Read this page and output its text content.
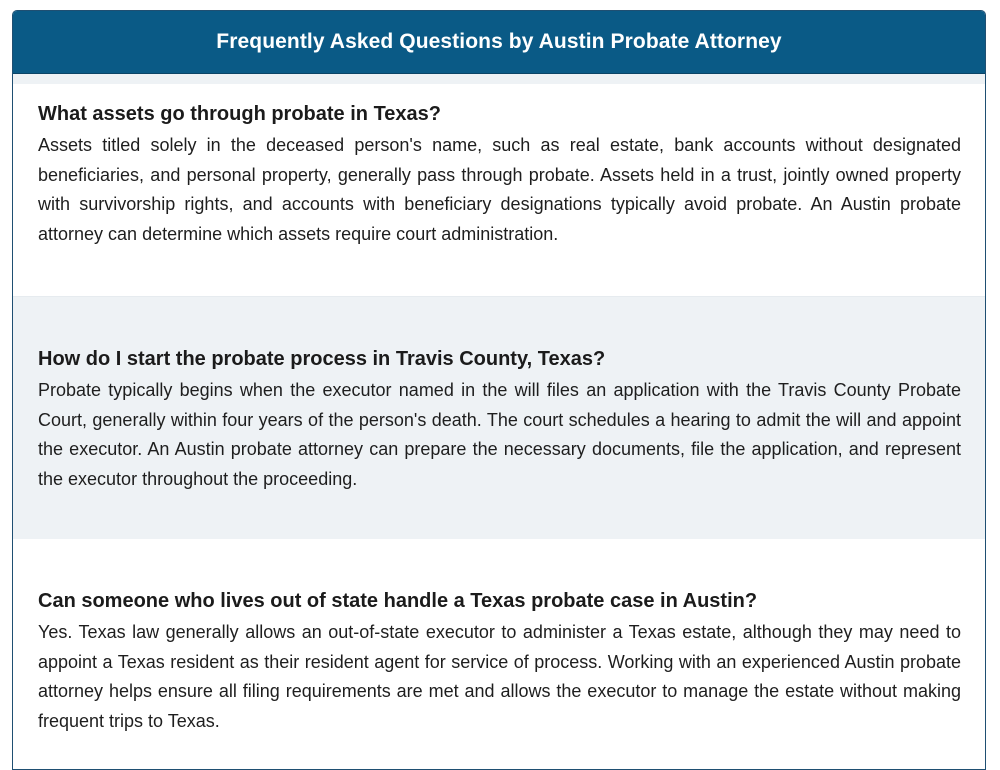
Frequently Asked Questions by Austin Probate Attorney
What assets go through probate in Texas?

Assets titled solely in the deceased person's name, such as real estate, bank accounts without designated beneficiaries, and personal property, generally pass through probate. Assets held in a trust, jointly owned property with survivorship rights, and accounts with beneficiary designations typically avoid probate. An Austin probate attorney can determine which assets require court administration.

How do I start the probate process in Travis County, Texas?

Probate typically begins when the executor named in the will files an application with the Travis County Probate Court, generally within four years of the person's death. The court schedules a hearing to admit the will and appoint the executor. An Austin probate attorney can prepare the necessary documents, file the application, and represent the executor throughout the proceeding.

Can someone who lives out of state handle a Texas probate case in Austin?

Yes. Texas law generally allows an out-of-state executor to administer a Texas estate, although they may need to appoint a Texas resident as their resident agent for service of process. Working with an experienced Austin probate attorney helps ensure all filing requirements are met and allows the executor to manage the estate without making frequent trips to Texas.
